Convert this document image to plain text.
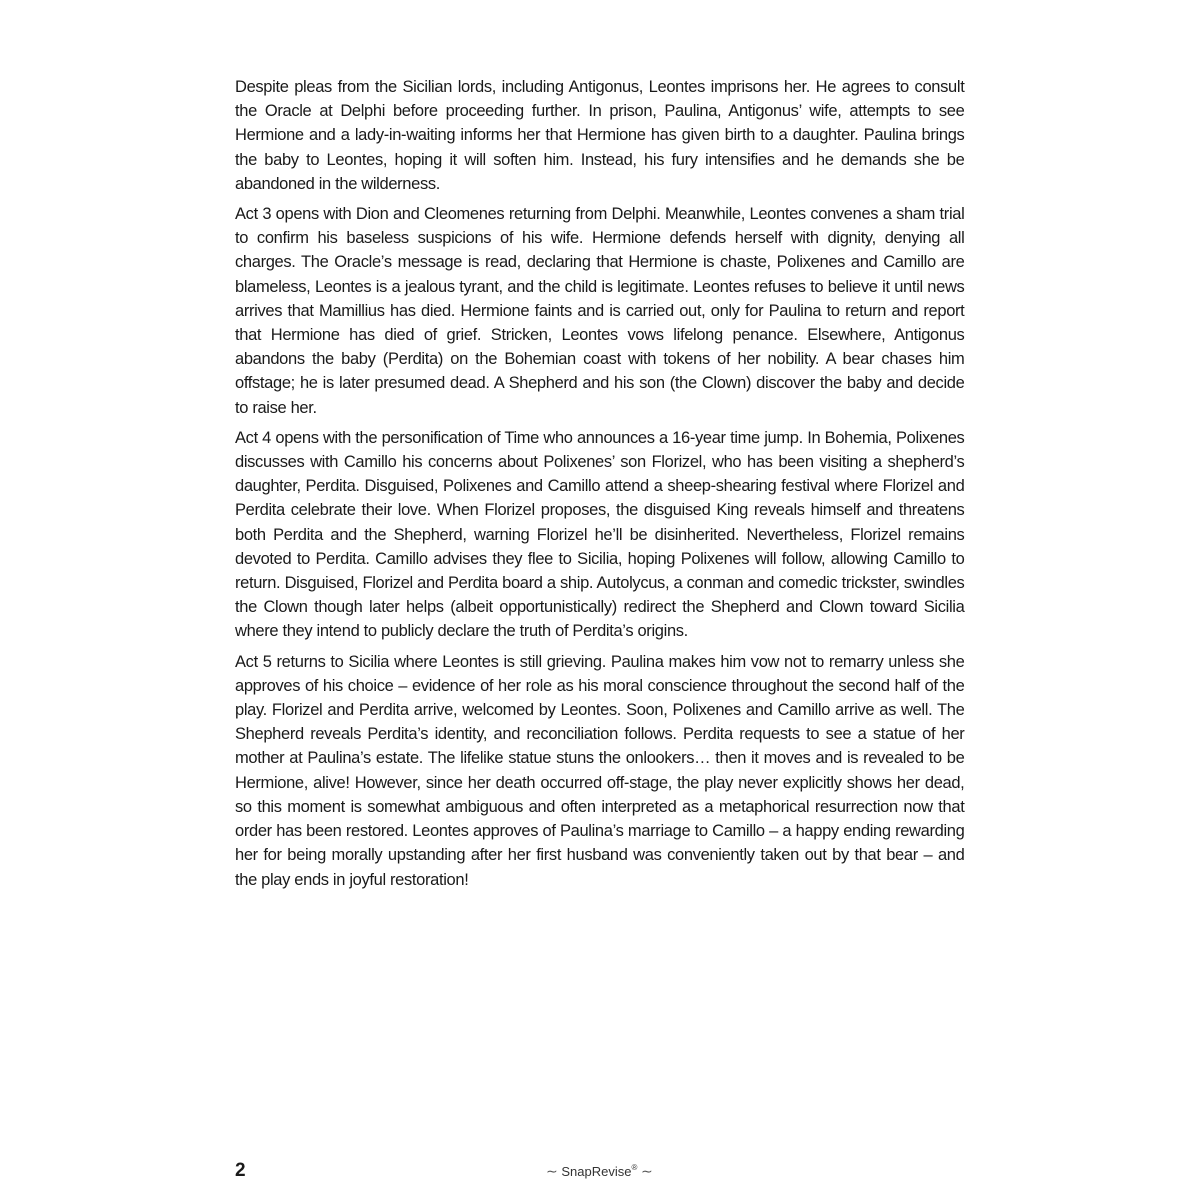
Despite pleas from the Sicilian lords, including Antigonus, Leontes imprisons her. He agrees to consult the Oracle at Delphi before proceeding further. In prison, Paulina, Antigonus’ wife, attempts to see Hermione and a lady-in-waiting informs her that Hermione has given birth to a daughter. Paulina brings the baby to Leontes, hoping it will soften him. Instead, his fury intensifies and he demands she be abandoned in the wilderness.

Act 3 opens with Dion and Cleomenes returning from Delphi. Meanwhile, Leontes convenes a sham trial to confirm his baseless suspicions of his wife. Hermione defends herself with dignity, denying all charges. The Oracle’s message is read, declaring that Hermione is chaste, Polixenes and Camillo are blameless, Leontes is a jealous tyrant, and the child is legitimate. Leontes refuses to believe it until news arrives that Mamillius has died. Hermione faints and is carried out, only for Paulina to return and report that Hermione has died of grief. Stricken, Leontes vows lifelong penance. Elsewhere, Antigonus abandons the baby (Perdita) on the Bohemian coast with tokens of her nobility. A bear chases him offstage; he is later presumed dead. A Shepherd and his son (the Clown) discover the baby and decide to raise her.

Act 4 opens with the personification of Time who announces a 16-year time jump. In Bohemia, Polixenes discusses with Camillo his concerns about Polixenes’ son Florizel, who has been visiting a shepherd’s daughter, Perdita. Disguised, Polixenes and Camillo attend a sheep-shearing festival where Florizel and Perdita celebrate their love. When Florizel proposes, the disguised King reveals himself and threatens both Perdita and the Shepherd, warning Florizel he’ll be disinherited. Nevertheless, Florizel remains devoted to Perdita. Camillo advises they flee to Sicilia, hoping Polixenes will follow, allowing Camillo to return. Disguised, Florizel and Perdita board a ship. Autolycus, a conman and comedic trickster, swindles the Clown though later helps (albeit opportunistically) redirect the Shepherd and Clown toward Sicilia where they intend to publicly declare the truth of Perdita’s origins.

Act 5 returns to Sicilia where Leontes is still grieving. Paulina makes him vow not to remarry unless she approves of his choice – evidence of her role as his moral conscience throughout the second half of the play. Florizel and Perdita arrive, welcomed by Leontes. Soon, Polixenes and Camillo arrive as well. The Shepherd reveals Perdita’s identity, and reconciliation follows. Perdita requests to see a statue of her mother at Paulina’s estate. The lifelike statue stuns the onlookers… then it moves and is revealed to be Hermione, alive! However, since her death occurred off-stage, the play never explicitly shows her dead, so this moment is somewhat ambiguous and often interpreted as a metaphorical resurrection now that order has been restored. Leontes approves of Paulina’s marriage to Camillo – a happy ending rewarding her for being morally upstanding after her first husband was conveniently taken out by that bear – and the play ends in joyful restoration!

2	∼ SnapRevise® ∼
